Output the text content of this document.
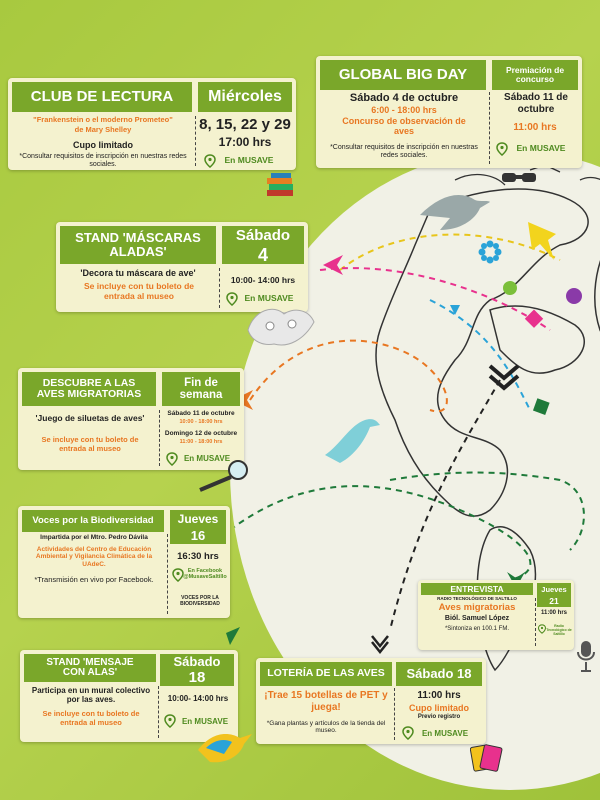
CLUB DE LECTURA	Miércoles
"Frankenstein o el moderno Prometeo"
de Mary Shelley
Cupo limitado
*Consultar requisitos de inscripción en nuestras redes sociales.
8, 15, 22 y 29
17:00 hrs
En MUSAVE
GLOBAL BIG DAY	Premiación de concurso
Sábado 4 de octubre
6:00 - 18:00 hrs
Concurso de observación de aves
*Consultar requisitos de inscripción en nuestras redes sociales.
Sábado 11 de octubre
11:00 hrs
En MUSAVE
STAND 'MÁSCARAS ALADAS'
Sábado
4
'Decora tu máscara de ave'
Se incluye con tu boleto de entrada al museo
10:00- 14:00 hrs
En MUSAVE
DESCUBRE A LAS AVES MIGRATORIAS
Fin de semana
'Juego de siluetas de aves'
Se incluye con tu boleto de entrada al museo
Sábado 11 de octubre
10:00 - 18:00 hrs
Domingo 12 de octubre
11:00 - 18:00 hrs
En MUSAVE
Voces por la Biodiversidad	Jueves
16
Impartida por el Mtro. Pedro Dávila
Actividades del Centro de Educación Ambiental y Vigilancia Climática de la UAdeC.
*Transmisión en vivo por Facebook.
16:30 hrs
En Facebook @MusaveSaltillo
VOCES POR LA BIODIVERSIDAD
ENTREVISTA
RADIO TECNOLÓGICO DE SALTILLO
Aves migratorias
Biól. Samuel López
*Sintoniza en 100.1 FM.
Jueves
21
11:00 hrs
Radio Tecnológico de Saltillo
STAND 'MENSAJE CON ALAS'
Sábado
18
Participa en un mural colectivo por las aves.
Se incluye con tu boleto de entrada al museo
10:00- 14:00 hrs
En MUSAVE
LOTERÍA DE LAS AVES	Sábado 18
¡Trae 15 botellas de PET y juega!
*Gana plantas y artículos de la tienda del museo.
11:00 hrs
Cupo limitado
Previo registro
En MUSAVE
